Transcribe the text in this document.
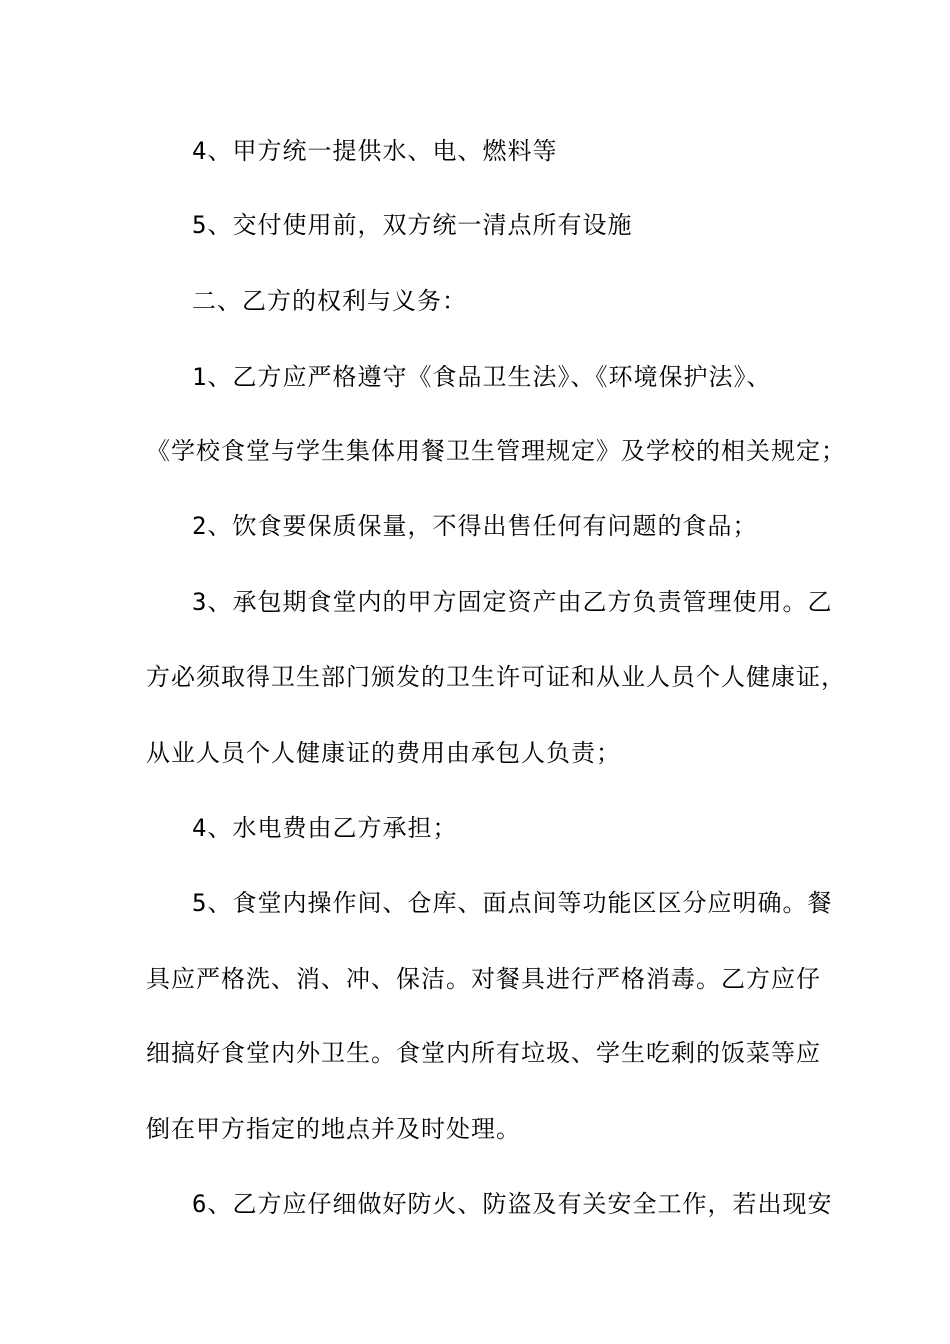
4、甲方统一提供水、电、燃料等
5、交付使用前，双方统一清点所有设施
二、乙方的权利与义务：
1、乙方应严格遵守《食品卫生法》、《环境保护法》、
《学校食堂与学生集体用餐卫生管理规定》及学校的相关规定；
2、饮食要保质保量，不得出售任何有问题的食品；
3、承包期食堂内的甲方固定资产由乙方负责管理使用。乙
方必须取得卫生部门颁发的卫生许可证和从业人员个人健康证，
从业人员个人健康证的费用由承包人负责；
4、水电费由乙方承担；
5、食堂内操作间、仓库、面点间等功能区区分应明确。餐
具应严格洗、消、冲、保洁。对餐具进行严格消毒。乙方应仔
细搞好食堂内外卫生。食堂内所有垃圾、学生吃剩的饭菜等应
倒在甲方指定的地点并及时处理。
6、乙方应仔细做好防火、防盗及有关安全工作，若出现安
